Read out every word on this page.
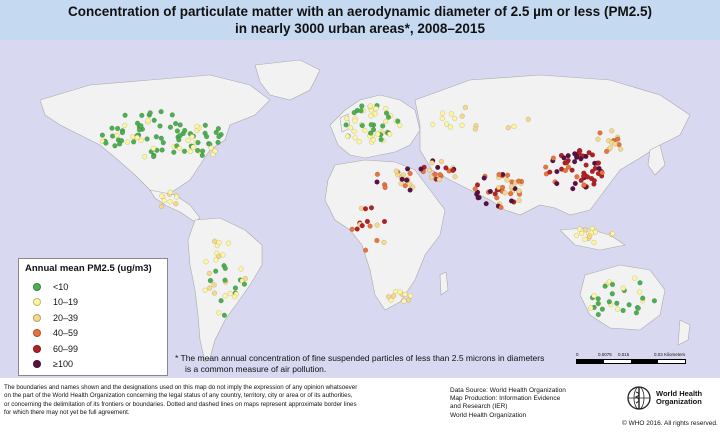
Concentration of particulate matter with an aerodynamic diameter of 2.5 µm or less (PM2.5)
in nearly 3000 urban areas*, 2008–2015
Annual mean PM2.5 (ug/m3)
<10
10–19
20–39
40–59
60–99
≥100
* The mean annual concentration of fine suspended particles of less than 2.5 microns in diameters
is a common measure of air pollution.
0	0.0075 0.015	0.03 Kilometers
The boundaries and names shown and the designations used on this map do not imply the expression of any opinion whatsoever
on the part of the World Health Organization concerning the legal status of any country, territory, city or area or of its authorities,
or concerning the delimitation of its frontiers or boundaries. Dotted and dashed lines on maps represent approximate border lines
for which there may not yet be full agreement.
Data Source: World Health Organization
Map Production: Information Evidence
and Research (IER)
World Health Organization
World Health
Organization
© WHO 2016. All rights reserved.
